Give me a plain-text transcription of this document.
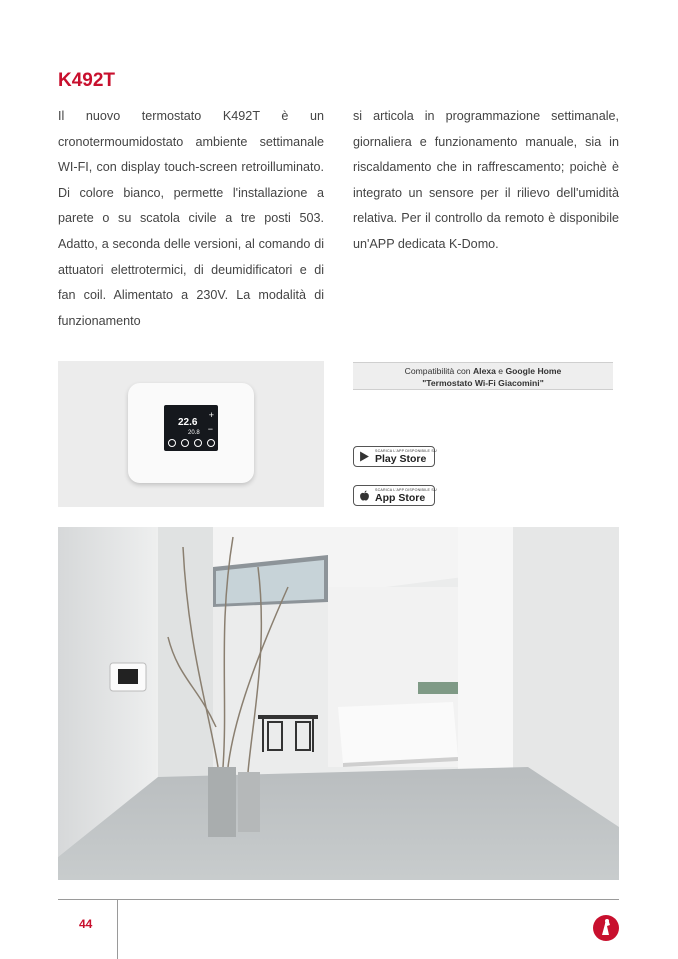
K492T
Il nuovo termostato K492T è un cronotermoumidostato ambiente settimanale WI-FI, con display touch-screen retroilluminato. Di colore bianco, permette l'installazione a parete o su scatola civile a tre posti 503. Adatto, a seconda delle versioni, al comando di attuatori elettrotermici, di deumidificatori e di fan coil. Alimentato a 230V. La modalità di funzionamento
si articola in programmazione settimanale, giornaliera e funzionamento manuale, sia in riscaldamento che in raffrescamento; poichè è integrato un sensore per il rilievo dell'umidità relativa. Per il controllo da remoto è disponibile un'APP dedicata K-Domo.
22.6
20.8
+
−
Compatibilità con Alexa e Google Home
"Termostato Wi-Fi Giacomini"
SCARICA L'APP DISPONIBILE SU
Play Store
SCARICA L'APP DISPONIBILE SU
App Store
44
